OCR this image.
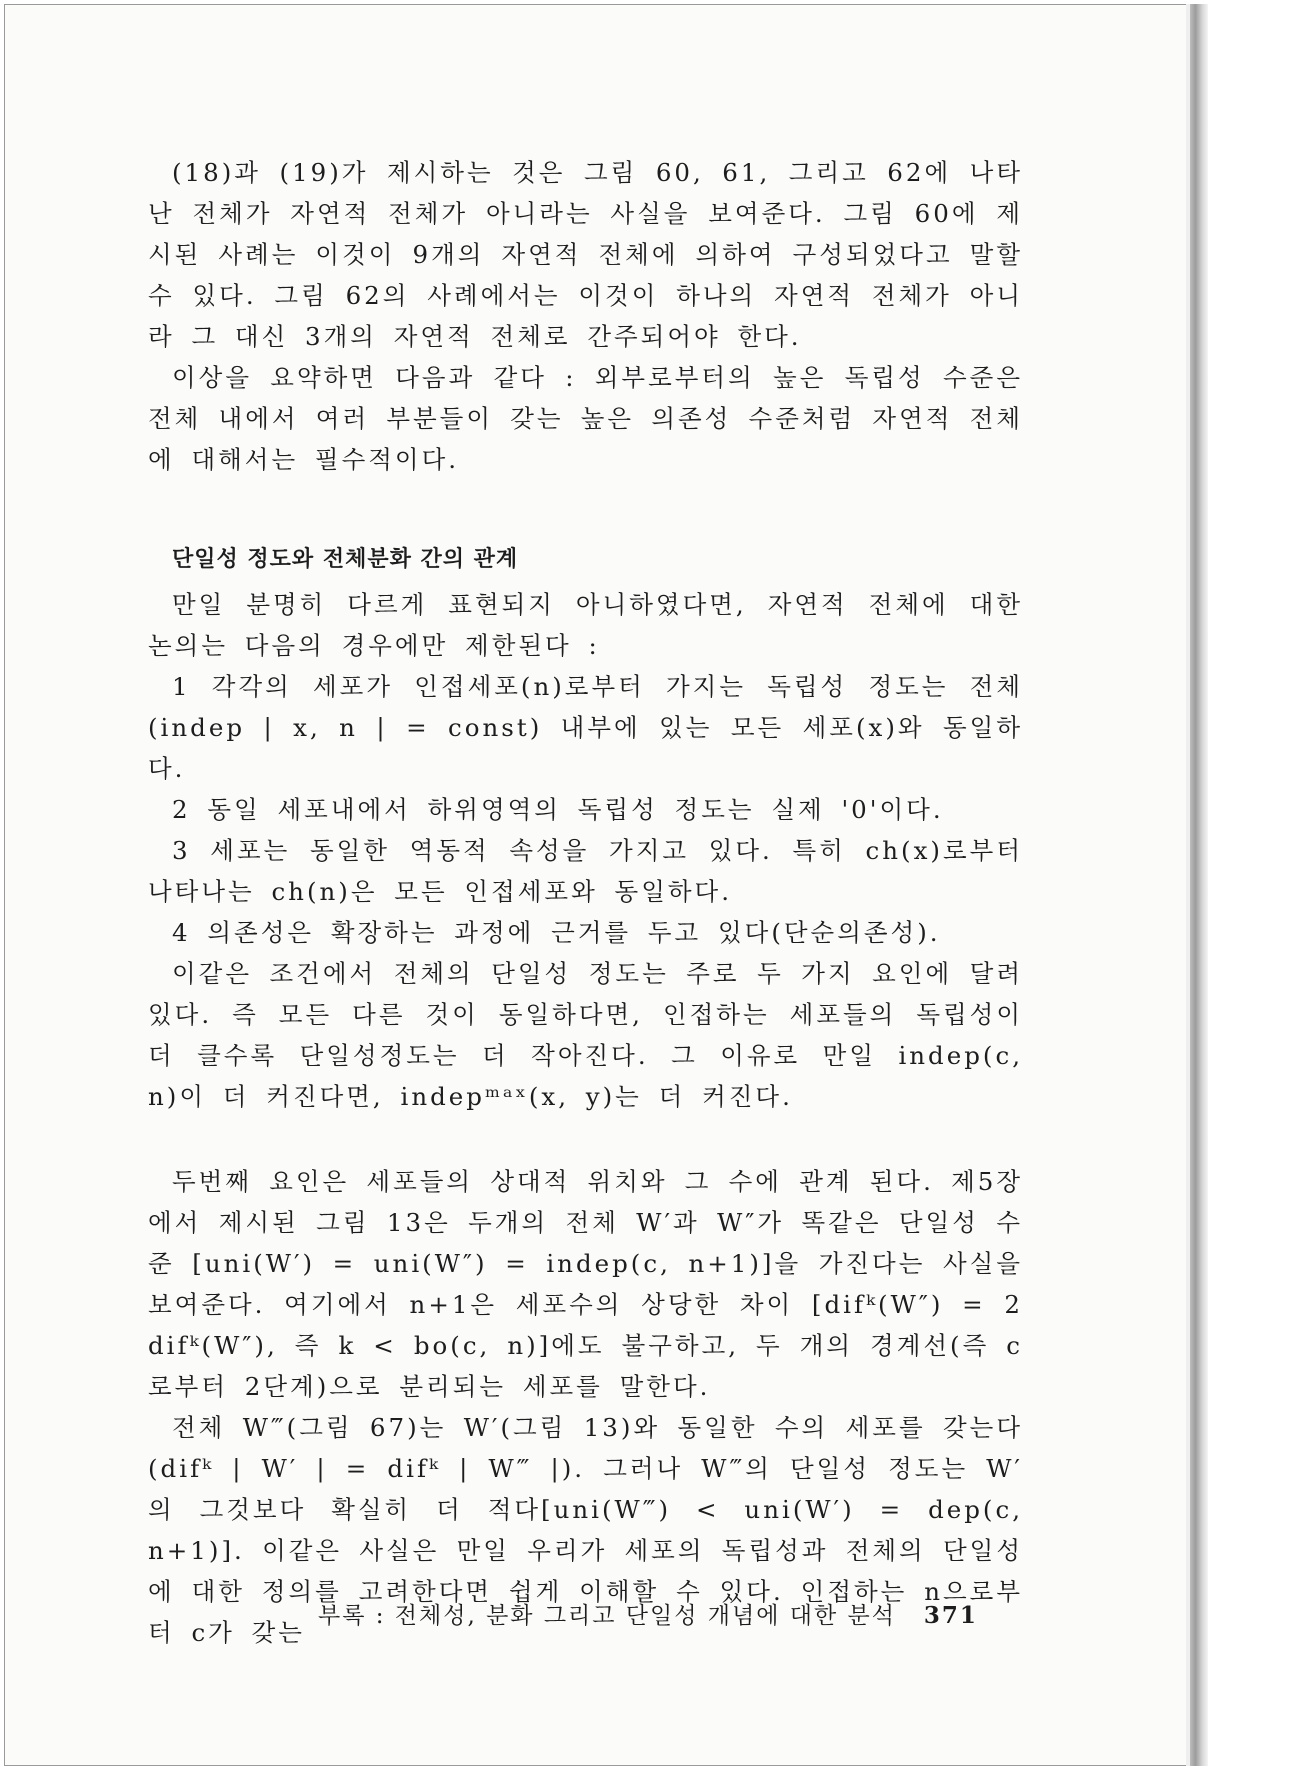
(18)과 (19)가 제시하는 것은 그림 60, 61, 그리고 62에 나타난 전체가 자연적 전체가 아니라는 사실을 보여준다. 그림 60에 제시된 사례는 이것이 9개의 자연적 전체에 의하여 구성되었다고 말할 수 있다. 그림 62의 사례에서는 이것이 하나의 자연적 전체가 아니라 그 대신 3개의 자연적 전체로 간주되어야 한다.

이상을 요약하면 다음과 같다 : 외부로부터의 높은 독립성 수준은 전체 내에서 여러 부분들이 갖는 높은 의존성 수준처럼 자연적 전체에 대해서는 필수적이다.

단일성 정도와 전체분화 간의 관계

만일 분명히 다르게 표현되지 아니하였다면, 자연적 전체에 대한 논의는 다음의 경우에만 제한된다 :

1 각각의 세포가 인접세포(n)로부터 가지는 독립성 정도는 전체 (indep | x, n | = const) 내부에 있는 모든 세포(x)와 동일하다.

2 동일 세포내에서 하위영역의 독립성 정도는 실제 '0'이다.

3 세포는 동일한 역동적 속성을 가지고 있다. 특히 ch(x)로부터 나타나는 ch(n)은 모든 인접세포와 동일하다.

4 의존성은 확장하는 과정에 근거를 두고 있다(단순의존성).

이같은 조건에서 전체의 단일성 정도는 주로 두 가지 요인에 달려 있다. 즉 모든 다른 것이 동일하다면, 인접하는 세포들의 독립성이 더 클수록 단일성정도는 더 작아진다. 그 이유로 만일 indep(c, n)이 더 커진다면, indepᵐᵃˣ(x, y)는 더 커진다.

두번째 요인은 세포들의 상대적 위치와 그 수에 관계 된다. 제5장에서 제시된 그림 13은 두개의 전체 W′과 W″가 똑같은 단일성 수준 [uni(W′) = uni(W″) = indep(c, n+1)]을 가진다는 사실을 보여준다. 여기에서 n+1은 세포수의 상당한 차이 [difᵏ(W″) = 2 difᵏ(W″), 즉 k < bo(c, n)]에도 불구하고, 두 개의 경계선(즉 c로부터 2단계)으로 분리되는 세포를 말한다.

전체 W‴(그림 67)는 W′(그림 13)와 동일한 수의 세포를 갖는다 (difᵏ | W′ | = difᵏ | W‴ |). 그러나 W‴의 단일성 정도는 W′의 그것보다 확실히 더 적다[uni(W‴) < uni(W′) = dep(c, n+1)]. 이같은 사실은 만일 우리가 세포의 독립성과 전체의 단일성에 대한 정의를 고려한다면 쉽게 이해할 수 있다. 인접하는 n으로부터 c가 갖는

부록 : 전체성, 분화 그리고 단일성 개념에 대한 분석 371
